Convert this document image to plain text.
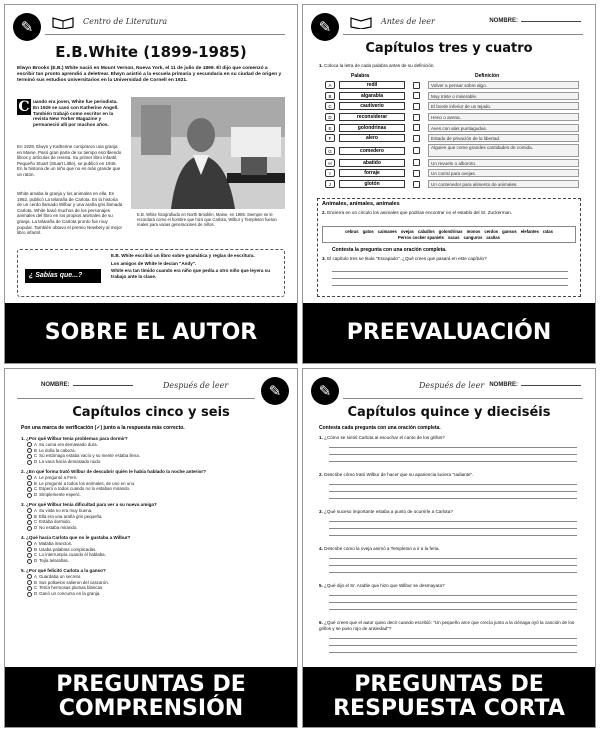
✎	Centro de Literatura
E.B.White (1899-1985)
Elwyn Brooks (E.B.) White nació en Mount Vernon, Nueva York, el 11 de julio de 1899. Él dijo que comenzó a escribir tan pronto aprendió a deletrear. Elwyn asistió a la escuela primaria y secundaria en su ciudad de origen y terminó sus estudios universitarios en la Universidad de Cornell en 1921.
C uando era joven, White fue periodista. En 1929 se casó con Katherine Angell. También trabajó como escritor en la revista New Yorker Magazine y permaneció allí por muchos años.
En 1929, Elwyn y Katherine compraron una granja en Maine. Pasó gran parte de su tiempo escribiendo libros y artículos de revista. Su primer libro infantil, Pequeño Stuart (Stuart Little), se publicó en 1945. En la historia de un niño que no es más grande que un ratón.
White amaba la granja y los animales en ella. En 1952, publicó La telaraña de Carlota. Es la historia de un cerdo llamado Wilbur y una araña gris llamada Carlota. White basó muchos de los personajes animales del libro en los propios animales de su granja. La telaraña de Carlota pronto fue muy popular. También obtuvo el premio Newbery al mejor libro infantil.
E.B. White fotografiado en North Brooklin, Maine, en 1985. Siempre se le recordará como el hombre que hizo que Carlota, Wilbur y Templeton fueran reales para varias generaciones de niños.
¿ Sabías que...?
E.B. White escribió un libro sobre gramática y reglas de escritura.
Los amigos de White le decían "Andy".
White era tan tímido cuando era niño que pedía a otro niño que leyera su trabajo ante la clase.
SOBRE EL AUTOR
✎	Antes de leer	NOMBRE:
Capítulos tres y cuatro
1. Coloca la letra de cada palabra antes de su definición.
Palabra	Definición
A	redil	Volver a pensar sobre algo.
B	algarabía	Muy triste o miserable.
C	cautiverio	El borde inferior de un tejado.
D	reconsiderar	Heno o avena.
E	golondrinas	Aves con alas puntiagudas.
F	alero	Estado de privación de la libertad.
G	comedero	Alguien que come grandes cantidades de comida.
H	abatido	Un revuelo o alboroto.
I	forraje	Un corral para ovejas.
J	glotón	Un contenedor para alimento de animales.
Animales, animales, animales
2. Encierra en un círculo los animales que podrías encontrar en el establo del Sr. Zuckerman.
cebras gatos caimanes ovejas caballos golondrinas monos cerdos gansos elefantes ratas
Perros cocker spaniels vacas canguros arañas
Contesta la pregunta con una oración completa.
3. El capítulo tres se titula "Escapado". ¿Qué crees que pasará en este capítulo?
PREEVALUACIÓN
NOMBRE:	Después de leer	✎
Capítulos cinco y seis
Pon una marca de verificación (✓) junto a la respuesta más correcto.
1. ¿Por qué Wilbur tenía problemas para dormir?
A Su cuma era demasiado dura.
B Le dolía la cabeza.
C Su estómago estaba vacío y su mente estaba llena.
D La vaca hacía demasiado ruido.
2. ¿En qué forma trató Wilbur de descubrir quién le había hablado la noche anterior?
A Le preguntó a Fern.
B Le preguntó a todos los animales, de uno en uno.
C Esperó a todos cuando no lo estaban mirando.
D Simplemente esperó.
3. ¿Por qué Wilbur tenía dificultad para ver a su nueva amiga?
A Su vista no era muy buena.
B Ella era una araña gris pequeña.
C Estaba dormido.
D No estaba mirando.
4. ¿Qué hacía Carlota que no le gustaba a Wilbur?
A Mataba insectos.
B Usaba palabras complicadas.
C Lo interrumpía cuando él hablaba.
D Tejía telarañas.
5. ¿Por qué felicitó Carlota a la ganso?
A Guardaba un secreto.
B Sus polluelos salieron del cascarón.
C Tenía hermosas plumas blancas.
D Ganó un concurso en la granja.
PREGUNTAS DE COMPRENSIÓN
✎	Después de leer NOMBRE:
Capítulos quince y dieciséis
Contesta cada pregunta con una oración completa.
1. ¿Cómo se sintió Carlota al escuchar el canto de los grillos?
2. Describe cómo trató Wilbur de hacer que su apariencia luciera "radiante".
3. ¿Qué suceso importante estaba a punto de ocurrirle a Carlota?
4. Describe como la oveja animó a Templeton a ir a la feria.
5. ¿Qué dijo el Sr. Arable que hizo que Wilbur se desmayara?
6. ¿Qué crees que el autor quiso decir cuando escribió: "Un pequeño arce que crecía junto a la ciénaga oyó la canción de los grillos y se puso rojo de ansiedad"?
PREGUNTAS DE RESPUESTA CORTA
